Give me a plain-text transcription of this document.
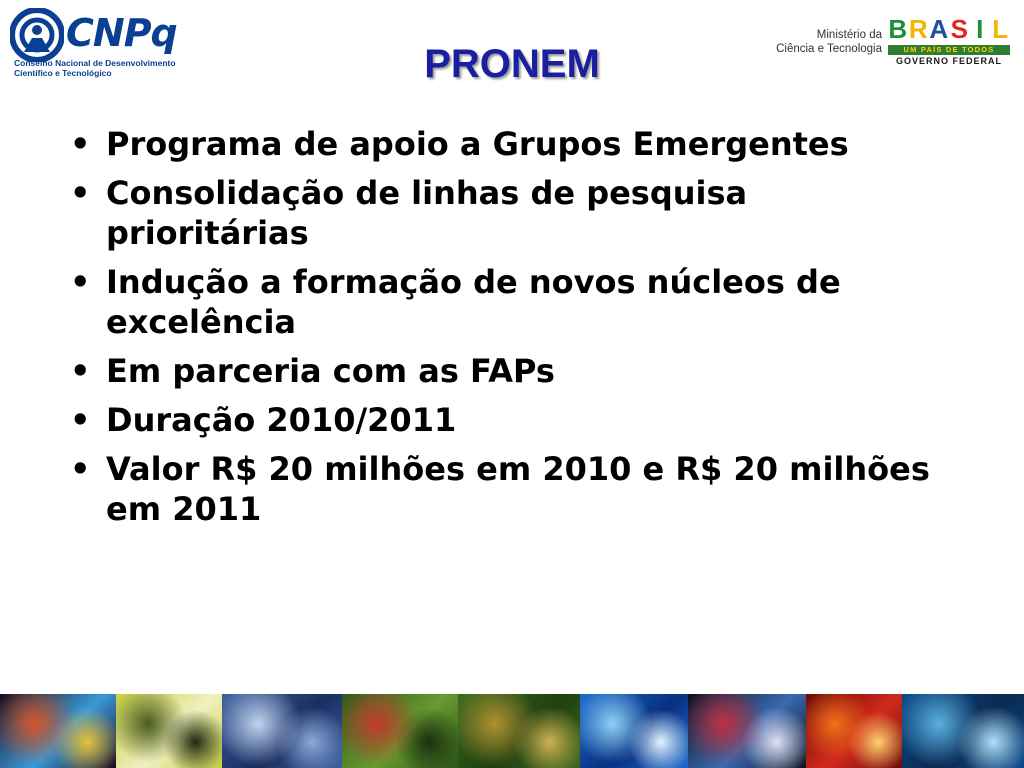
CNPq
Conselho Nacional de Desenvolvimento
Científico e Tecnológico	PRONEM
Ministério da
Ciência e Tecnologia
B R A S I L
UM PAÍS DE TODOS
GOVERNO FEDERAL
• Programa de apoio a Grupos Emergentes
• Consolidação de linhas de pesquisa prioritárias
• Indução a formação de novos núcleos de excelência
• Em parceria com as FAPs
• Duração 2010/2011
• Valor R$ 20 milhões em 2010 e R$ 20 milhões em 2011
